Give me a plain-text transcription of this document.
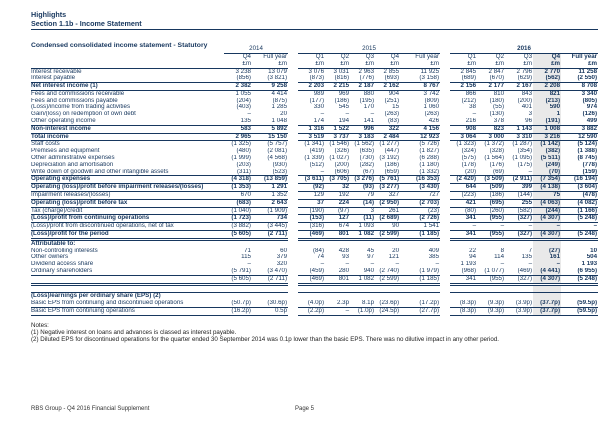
Highlights
Section 1.1b - Income Statement
Condensed consolidated income statement - Statutory
		2014			2015						2016				
	Q4	Full year		Q1	Q2	Q3	Q4	Full year		Q1	Q2	Q3	Q4	Full year
	£m	£m		£m	£m	£m	£m	£m		£m	£m	£m	£m	£m
Interest receivable	3 238	13 079		3 076	3 031	2 963	2 855	11 925		2 845	2 847	2 796	2 770	11 258
Interest payable	(856)	(3 821)		(873)	(816)	(776)	(693)	(3 158)		(689)	(670)	(629)	(562)	(2 550)
Net interest income (1)	2 382	9 258		2 203	2 215	2 187	2 162	8 767		2 156	2 177	2 167	2 208	8 708
Fees and commissions receivable	1 055	4 414		989	969	880	904	3 742		866	810	843	821	3 340
Fees and commissions payable	(204)	(875)		(177)	(186)	(195)	(251)	(809)		(212)	(180)	(200)	(213)	(805)
(Loss)/income from trading activities	(403)	1 285		330	545	170	15	1 060		38	(55)	401	590	974
Gain/(loss) on redemption of own debt	–	20		–	–	–	(263)	(263)		–	(130)	3	1	(126)
Other operating income	135	1 048		174	194	141	(83)	426		216	378	96	(191)	499
Non-interest income	583	5 892		1 316	1 522	996	322	4 156		908	823	1 143	1 008	3 882
Total income	2 965	15 150		3 519	3 737	3 183	2 484	12 923		3 064	3 000	3 310	3 216	12 590
Staff costs	(1 325)	(5 757)		(1 341)	(1 546)	(1 562)	(1 277)	(5 726)		(1 323)	(1 372)	(1 287)	(1 142)	(5 124)
Premises and equipment	(480)	(2 081)		(419)	(326)	(635)	(447)	(1 827)		(324)	(328)	(354)	(382)	(1 388)
Other administrative expenses	(1 999)	(4 568)		(1 339)	(1 027)	(730)	(3 192)	(6 288)		(575)	(1 564)	(1 095)	(5 511)	(8 745)
Depreciation and amortisation	(203)	(930)		(512)	(200)	(282)	(186)	(1 180)		(178)	(176)	(175)	(249)	(778)
Write down of goodwill and other intangible assets	(311)	(523)		–	(606)	(67)	(659)	(1 332)		(20)	(69)	–	(70)	(159)
Operating expenses	(4 318)	(13 859)		(3 611)	(3 705)	(3 276)	(5 761)	(16 353)		(2 420)	(3 509)	(2 911)	(7 354)	(16 194)
Operating (loss)/profit before impairment releases/(losses)	(1 353)	1 291		(92)	32	(93)	(3 277)	(3 430)		644	(509)	399	(4 138)	(3 604)
Impairment releases/(losses)	670	1 352		129	192	79	327	727		(223)	(186)	(144)	75	(478)
Operating (loss)/profit before tax	(683)	2 643		37	224	(14)	(2 950)	(2 703)		421	(695)	255	(4 063)	(4 082)
Tax (charge)/credit	(1 040)	(1 909)		(190)	(97)	3	261	(23)		(80)	(260)	(582)	(244)	(1 166)
(Loss)/profit from continuing operations	(1 723)	734		(153)	127	(11)	(2 689)	(2 726)		341	(955)	(327)	(4 307)	(5 248)
(Loss)/profit from discontinued operations, net of tax	(3 882)	(3 445)		(316)	674	1 093	90	1 541		–	–	–	–	–
(Loss)/profit for the period	(5 605)	(2 711)		(469)	801	1 082	(2 599)	(1 185)		341	(955)	(327)	(4 307)	(5 248)
Attributable to:														
Non-controlling interests	71	60		(84)	428	45	20	409		22	8	7	(27)	10
Other owners	115	379		74	93	97	121	385		94	114	135	161	504
Dividend access share	–	320		–	–	–	–	–		1 193	–	–	–	1 193
Ordinary shareholders	(5 791)	(3 470)		(459)	280	940	(2 740)	(1 979)		(968)	(1 077)	(469)	(4 441)	(6 955)
	(5 605)	(2 711)		(469)	801	1 082	(2 599)	(1 185)		341	(955)	(327)	(4 307)	(5 248)

(Loss)/earnings per ordinary share (EPS) (2)														
Basic EPS from continuing and discontinued operations	(50.7p)	(30.6p)		(4.0p)	2.3p	8.1p	(23.6p)	(17.2p)		(8.3p)	(9.3p)	(3.9p)	(37.7p)	(59.5p)
Basic EPS from continuing operations	(16.2p)	0.5p		(2.2p)	–	(1.0p)	(24.5p)	(27.7p)		(8.3p)	(9.3p)	(3.9p)	(37.7p)	(59.5p)
Notes:
(1) Negative interest on loans and advances is classed as interest payable.
(2) Diluted EPS for discontinued operations for the quarter ended 30 September 2014 was 0.1p lower than the basic EPS. There was no dilutive impact in any other period.
RBS Group - Q4 2016 Financial Supplement	Page 5
